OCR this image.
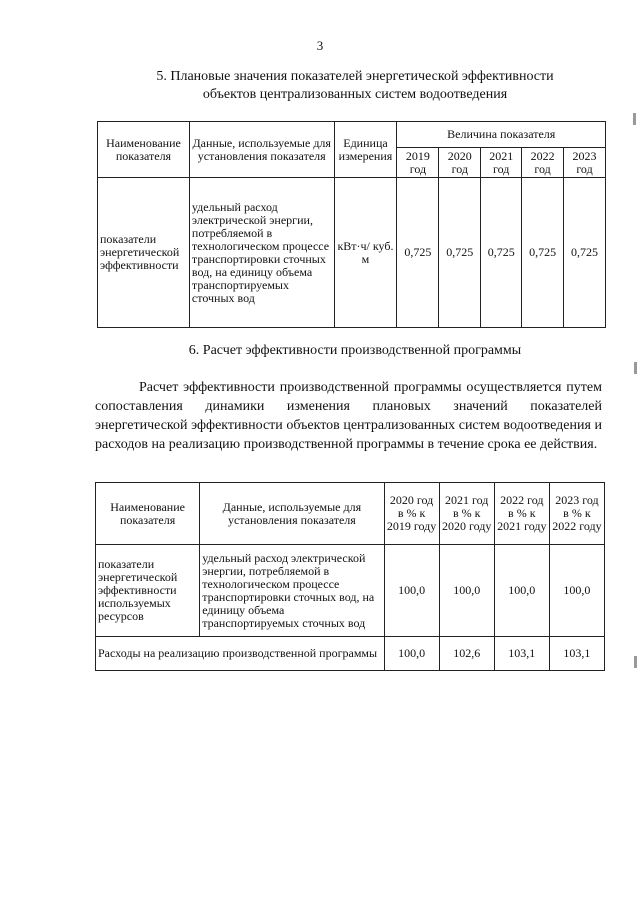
3
5. Плановые значения показателей энергетической эффективности
объектов централизованных систем водоотведения
Наименование показателя	Данные, используемые для установления показателя	Единица измерения	Величина показателя				
			2019 год	2020 год	2021 год	2022 год	2023 год
показатели энергетической эффективности	удельный расход электрической энергии, потребляемой в технологическом процессе транспортировки сточных вод, на единицу объема транспортируемых сточных вод	кВт·ч/ куб. м	0,725	0,725	0,725	0,725	0,725
6. Расчет эффективности производственной программы
Расчет эффективности производственной программы осуществляется путем сопоставления динамики изменения плановых значений показателей энергетической эффективности объектов централизованных систем водоотведения и расходов на реализацию производственной программы в течение срока ее действия.
Наименование показателя	Данные, используемые для установления показателя	2020 год в % к 2019 году	2021 год в % к 2020 году	2022 год в % к 2021 году	2023 год в % к 2022 году
показатели энергетической эффективности используемых ресурсов	удельный расход электрической энергии, потребляемой в технологическом процессе транспортировки сточных вод, на единицу объема транспортируемых сточных вод	100,0	100,0	100,0	100,0
Расходы на реализацию производственной программы		100,0	102,6	103,1	103,1
